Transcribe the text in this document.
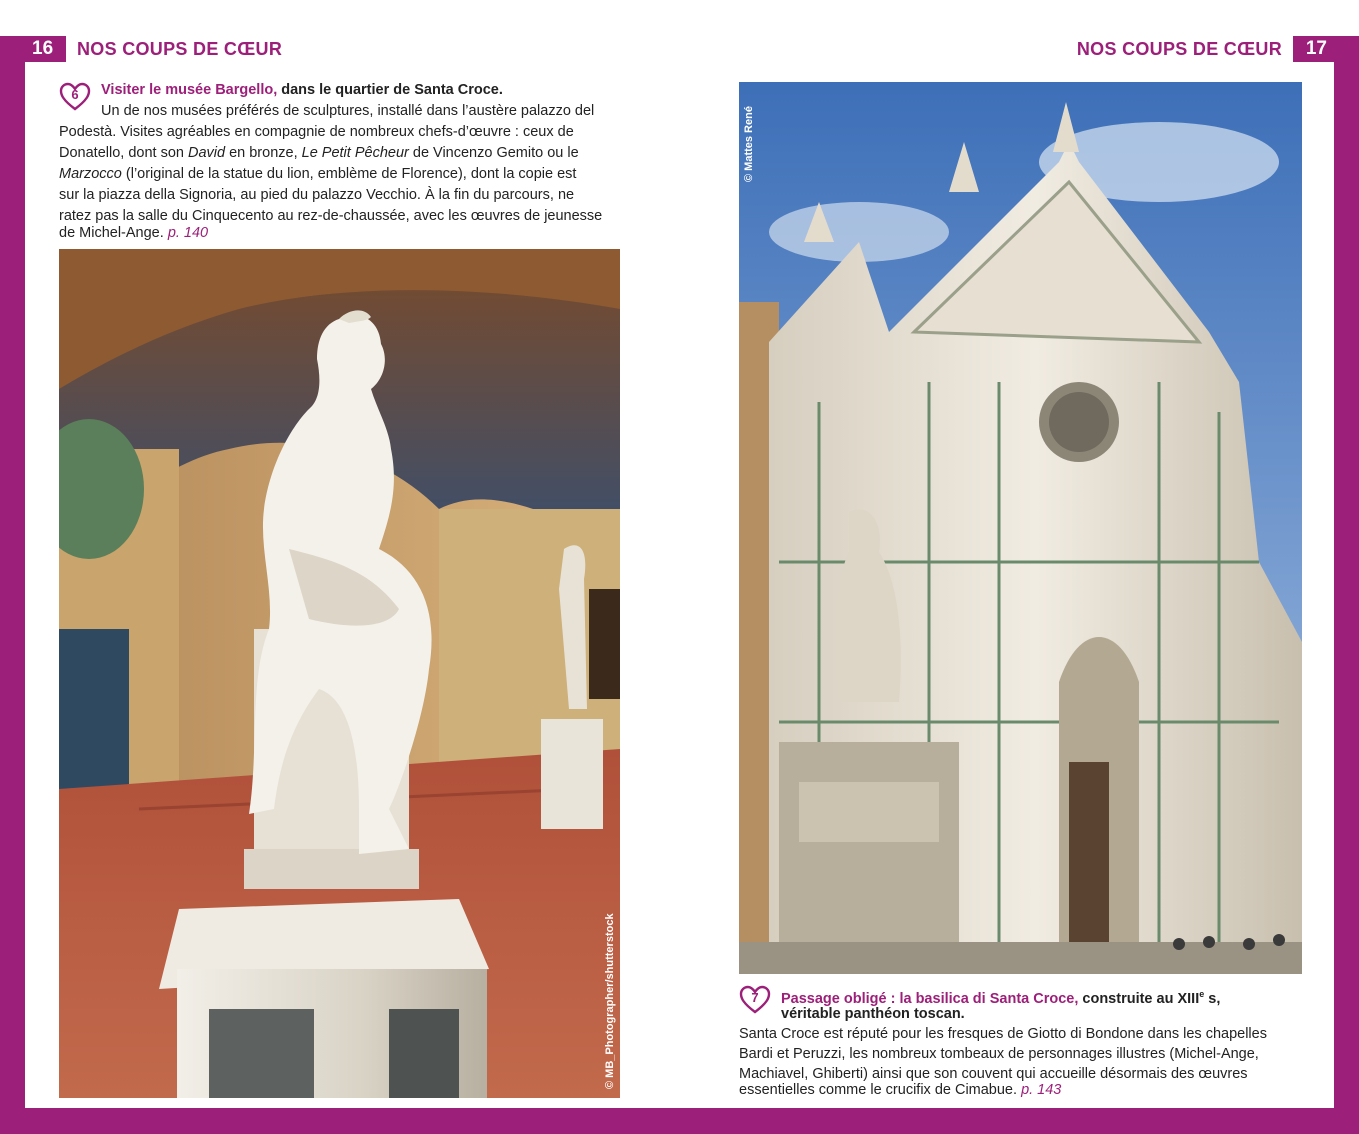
16 NOS COUPS DE CŒUR	NOS COUPS DE CŒUR 17
6	Visiter le musée Bargello, dans le quartier de Santa Croce.
Un de nos musées préférés de sculptures, installé dans l’austère palazzo del
Podestà. Visites agréables en compagnie de nombreux chefs-d’œuvre : ceux de
Donatello, dont son David en bronze, Le Petit Pêcheur de Vincenzo Gemito ou le
Marzocco (l’original de la statue du lion, emblème de Florence), dont la copie est
sur la piazza della Signoria, au pied du palazzo Vecchio. À la fin du parcours, ne
ratez pas la salle du Cinquecento au rez-de-chaussée, avec les œuvres de jeunesse
de Michel-Ange. p. 140
© MB_Photographer/shutterstock
© Mattes René
7	Passage obligé : la basilica di Santa Croce, construite au XIIIe s,
véritable panthéon toscan.
Santa Croce est réputé pour les fresques de Giotto di Bondone dans les chapelles
Bardi et Peruzzi, les nombreux tombeaux de personnages illustres (Michel-Ange,
Machiavel, Ghiberti) ainsi que son couvent qui accueille désormais des œuvres
essentielles comme le crucifix de Cimabue. p. 143
